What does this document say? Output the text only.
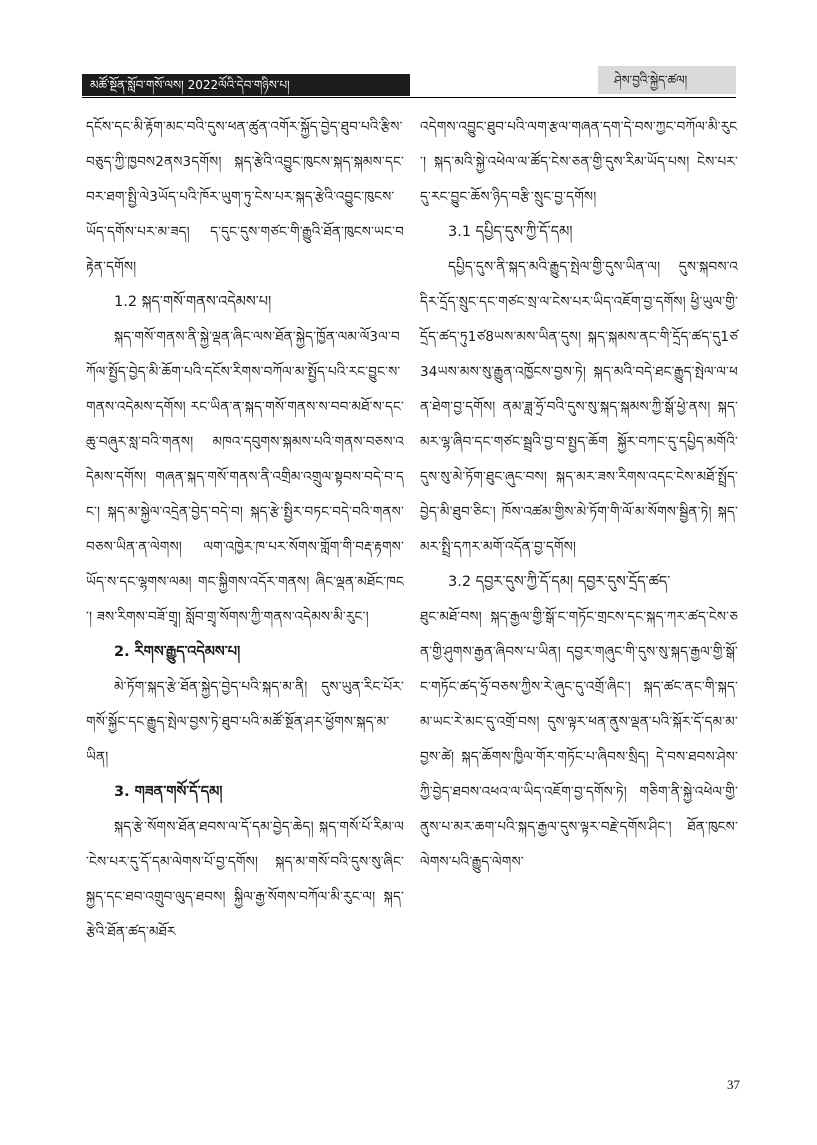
མཚོ་སྔོན་སློབ་གསོ་ལས། 2022ལོའི་དེབ་གཉིས་པ།	ཤེས་བྱའི་སྐྱེད་ཚལ།

དངོས་དང་མི་རྟོག་མང་བའི་དུས་ཕན་ཚུན་འགོར་སྐྱོད་བྱེད་ཐུབ་པའི་རྩིས་བཅུད་ཀྱི་ཁྱབས2ནས3དགོས། སྐད་རྩེའི་འབྱུང་ཁུངས་སྐད་སྐམས་དང་བར་ཐག་སྤྱི་ལེ3ཡོད་པའི་ཁོར་ཡུག་ཏུ་ངེས་པར་སྐད་རྩེའི་འབྱུང་ཁུངས་ཡོད་དགོས་པར་མ་ཟད། ད་དུང་དུས་གཙང་གི་རྒྱུའི་ཐོན་ཁུངས་ཡང་བརྟེན་དགོས།

1.2 སྐད་གསོ་གནས་འདེམས་པ།

སྐད་གསོ་གནས་ནི་སྐྱེ་ལྡན་ཞིང་ལས་ཐོན་སྐྱེད་ཁྱོན་ལམ་ལོ3ལ་བཀོལ་སྤྱོད་བྱེད་མི་ཆོག་པའི་དངོས་རིགས་བཀོལ་མ་སྤྱོད་པའི་རང་བྱུང་ས་གནས་འདེམས་དགོས། རང་ཡིན་ན་སྐད་གསོ་གནས་ས་བབ་མཐོ་ས་དང་ཆུ་བཞུར་སླ་བའི་གནས། མཁའ་དབུགས་སྐམས་པའི་གནས་བཅས་འདེམས་དགོས། གཞན་སྐད་གསོ་གནས་ནི་འགྲིམ་འགྲུལ་སྟབས་བདེ་བ་དང་། སྐད་མ་སྐྱེལ་འདྲེན་བྱེད་བདེ་བ། སྐད་རྩེ་སྤྱིར་བཏང་བདེ་བའི་གནས་བཅས་ཡིན་ན་ལེགས། ལག་འཁྱེར་ཁ་པར་སོགས་གློག་གི་བརྡ་རྟགས་ཡོད་ས་དང་ལྷགས་ལམ། གང་སྐྱིགས་འདོར་གནས། ཞིང་ལྡན་མཐོང་ཁང་། ཟས་རིགས་བཟོ་གྲྭ། སློབ་གྲྭ་སོགས་ཀྱི་གནས་འདེམས་མི་རུང་།

2. རིགས་རྒྱུད་འདེམས་པ།

མེ་ཏོག་སྐད་རྩེ་ཐོན་སྐྱེད་བྱེད་པའི་སྐད་མ་ནི། དུས་ཡུན་རིང་པོར་གསོ་སྐྱོང་དང་རྒྱུད་སྤེལ་བྱས་ཏེ་ཐུབ་པའི་མཚོ་སྔོན་ཤར་ཕྱོགས་སྐད་མ་ཡིན།

3. གཟན་གསོ་དོ་དམ།

སྐད་རྩེ་སོགས་ཐོན་ཐབས་ལ་དོ་དམ་བྱེད་ཆེད། སྐད་གསོ་པོ་རིམ་ལ་ངེས་པར་དུ་དོ་དམ་ལེགས་པོ་བྱ་དགོས། སྐད་མ་གསོ་བའི་དུས་སུ་ཞིང་སྐྱད་དང་ཐབ་འགྲུབ་ལུད་ཐབས། སྐྱིལ་རྒྱ་སོགས་བཀོལ་མི་རུང་ལ། སྐད་རྩེའི་ཐོན་ཚད་མཐོར

འདེགས་འབྱུང་ཐུབ་པའི་ལག་རྩལ་གཞན་དག་དེ་བས་ཀྱང་བཀོལ་མི་རུང་། སྐད་མའི་སྐྱེ་འཕེལ་ལ་ཚོད་ངེས་ཅན་གྱི་དུས་རིམ་ཡོད་པས། ངེས་པར་དུ་རང་བྱུང་ཆོས་ཉིད་བརྩི་སྲུང་བྱ་དགོས།

3.1 དཔྱིད་དུས་ཀྱི་དོ་དམ།

དཔྱིད་དུས་ནི་སྐད་མའི་རྒྱུད་སྤེལ་གྱི་དུས་ཡིན་ལ། དུས་སྐབས་འདིར་དྲོད་སྲུང་དང་གཙང་སྲ་ལ་ངེས་པར་ཡིད་འཇོག་བྱ་དགོས། ཕྱི་ཡུལ་གྱི་དྲོད་ཚད་ཏུ1ཙ8ཡས་མས་ཡིན་དུས། སྐད་སྐམས་ནང་གི་དྲོད་ཚད་དུ1ཙ34ཡས་མས་སུ་རྒྱུན་འཁྱོངས་བྱས་ཏེ། སྐད་མའི་བདེ་ཐང་རྒྱུད་སྤེལ་ལ་ཕན་ཐེག་བྱ་དགོས། ནམ་ཟླ་ཧྲོ་བའི་དུས་སུ་སྐད་སྐམས་ཀྱི་སྒོ་ཕྱེ་ནས། སྐད་མར་ལྷ་ཞིབ་དང་གཙང་སྦྲའི་བྱ་བ་སྤྱད་ཆོག སྐྱོར་བཀང་དུ་དཔྱིད་མགོའི་དུས་སུ་མེ་ཏོག་ཐུང་ཞུང་བས། སྐད་མར་ཟས་རིགས་འདང་ངེས་མཐོ་སྤྲོད་བྱེད་མི་ཐུབ་ཅིང་། ཁོས་འཚམ་གྱིས་མེ་ཏོག་གི་ལོ་མ་སོགས་སྦྱིན་ཏེ། སྐད་མར་སྤྲི་དཀར་མགོ་འདོན་བྱ་དགོས།

3.2 དབྱར་དུས་ཀྱི་དོ་དམ། དབྱར་དུས་དྲོད་ཚད་

ཐུང་མཐོ་བས། སྐད་རྒྱལ་གྱི་སྒོ་ང་གཏོང་གྲངས་དང་སྐད་ཀར་ཚད་ངེས་ཅན་གྱི་ཤུགས་རྒྱན་ཞིབས་པ་ཡིན། དབྱར་གཞུང་གི་དུས་སུ་སྐད་རྒྱལ་གྱི་སྒོ་ང་གཏོང་ཚད་ཧྲོ་བཅས་ཀྱིས་རེ་ཞུང་དུ་འགྲོ་ཞིང་། སྐད་ཚང་ནང་གི་སྐད་མ་ཡང་རེ་མང་དུ་འགྲོ་བས། དུས་ལྟར་ཕན་ནུས་ལྡན་པའི་སྐོར་དོ་དམ་མ་བྱས་ཚེ། སྐད་ཆོགས་ཁྱིལ་གོར་གཏོང་པ་ཞིབས་སྲིད། དེ་བས་ཐབས་ཤེས་ཀྱི་བྱེད་ཐབས་འཕའ་ལ་ཡིད་འཇོག་བྱ་དགོས་ཏེ། གཅིག་ནི་སྐྱེ་འཕེལ་གྱི་ནུས་པ་མར་ཆག་པའི་སྐད་རྒྱལ་དུས་ལྟར་བརྗེ་དགོས་ཤིང་། ཐོན་ཁུངས་ལེགས་པའི་རྒྱུད་ལེགས་

37
